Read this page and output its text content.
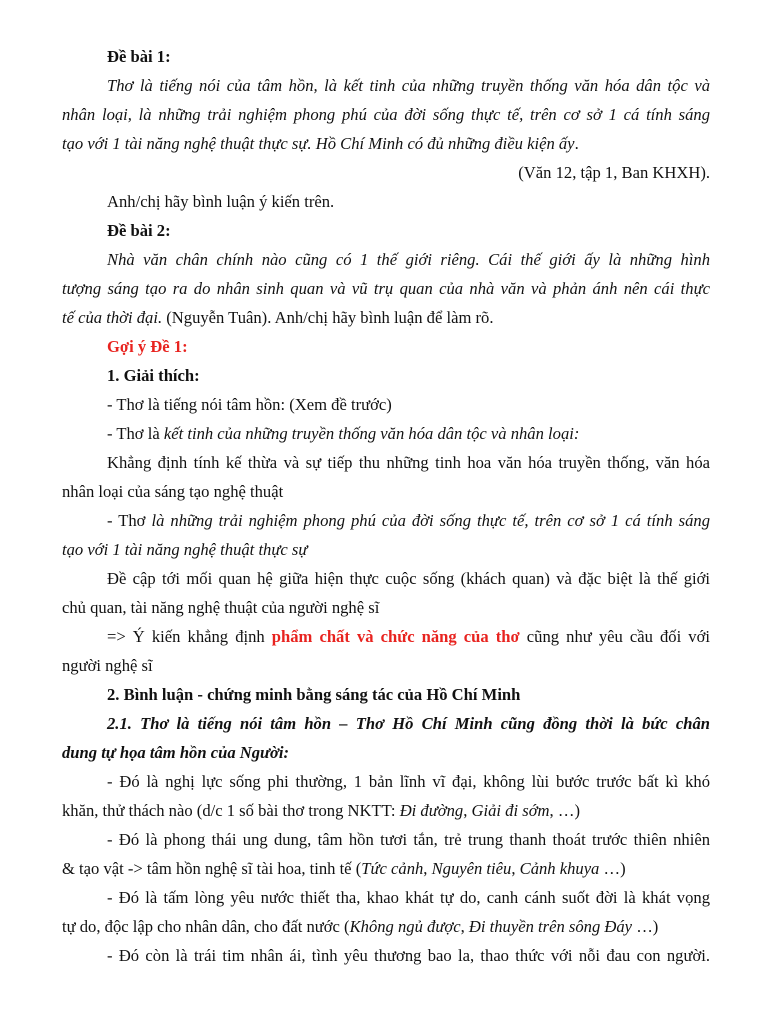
Đề bài 1:
Thơ là tiếng nói của tâm hồn, là kết tinh của những truyền thống văn hóa dân tộc và
nhân loại, là những trải nghiệm phong phú của đời sống thực tế, trên cơ sở 1 cá tính sáng
tạo với 1 tài năng nghệ thuật thực sự. Hồ Chí Minh có đủ những điều kiện ấy.
(Văn 12, tập 1, Ban KHXH).
Anh/chị hãy bình luận ý kiến trên.
Đề bài 2:
Nhà văn chân chính nào cũng có 1 thế giới riêng. Cái thế giới ấy là những hình
tượng sáng tạo ra do nhân sinh quan và vũ trụ quan của nhà văn và phản ánh nên cái thực
tế của thời đại. (Nguyễn Tuân). Anh/chị hãy bình luận để làm rõ.
Gợi ý Đề 1:
1. Giải thích:
- Thơ là tiếng nói tâm hồn: (Xem đề trước)
- Thơ là kết tinh của những truyền thống văn hóa dân tộc và nhân loại:
Khẳng định tính kế thừa và sự tiếp thu những tinh hoa văn hóa truyền thống, văn hóa
nhân loại của sáng tạo nghệ thuật
- Thơ là những trải nghiệm phong phú của đời sống thực tế, trên cơ sở 1 cá tính sáng
tạo với 1 tài năng nghệ thuật thực sự
Đề cập tới mối quan hệ giữa hiện thực cuộc sống (khách quan) và đặc biệt là thế giới
chủ quan, tài năng nghệ thuật của người nghệ sĩ
=> Ý kiến khẳng định phẩm chất và chức năng của thơ cũng như yêu cầu đối với
người nghệ sĩ
2. Bình luận - chứng minh bằng sáng tác của Hồ Chí Minh
2.1. Thơ là tiếng nói tâm hồn – Thơ Hồ Chí Minh cũng đồng thời là bức chân
dung tự họa tâm hồn của Người:
- Đó là nghị lực sống phi thường, 1 bản lĩnh vĩ đại, không lùi bước trước bất kì khó
khăn, thử thách nào (d/c 1 số bài thơ trong NKTT: Đi đường, Giải đi sớm, …)
- Đó là phong thái ung dung, tâm hồn tươi tắn, trẻ trung thanh thoát trước thiên nhiên
& tạo vật -> tâm hồn nghệ sĩ tài hoa, tinh tế (Tức cảnh, Nguyên tiêu, Cảnh khuya …)
- Đó là tấm lòng yêu nước thiết tha, khao khát tự do, canh cánh suốt đời là khát vọng
tự do, độc lập cho nhân dân, cho đất nước (Không ngủ được, Đi thuyền trên sông Đáy …)
- Đó còn là trái tim nhân ái, tình yêu thương bao la, thao thức với nỗi đau con người.
